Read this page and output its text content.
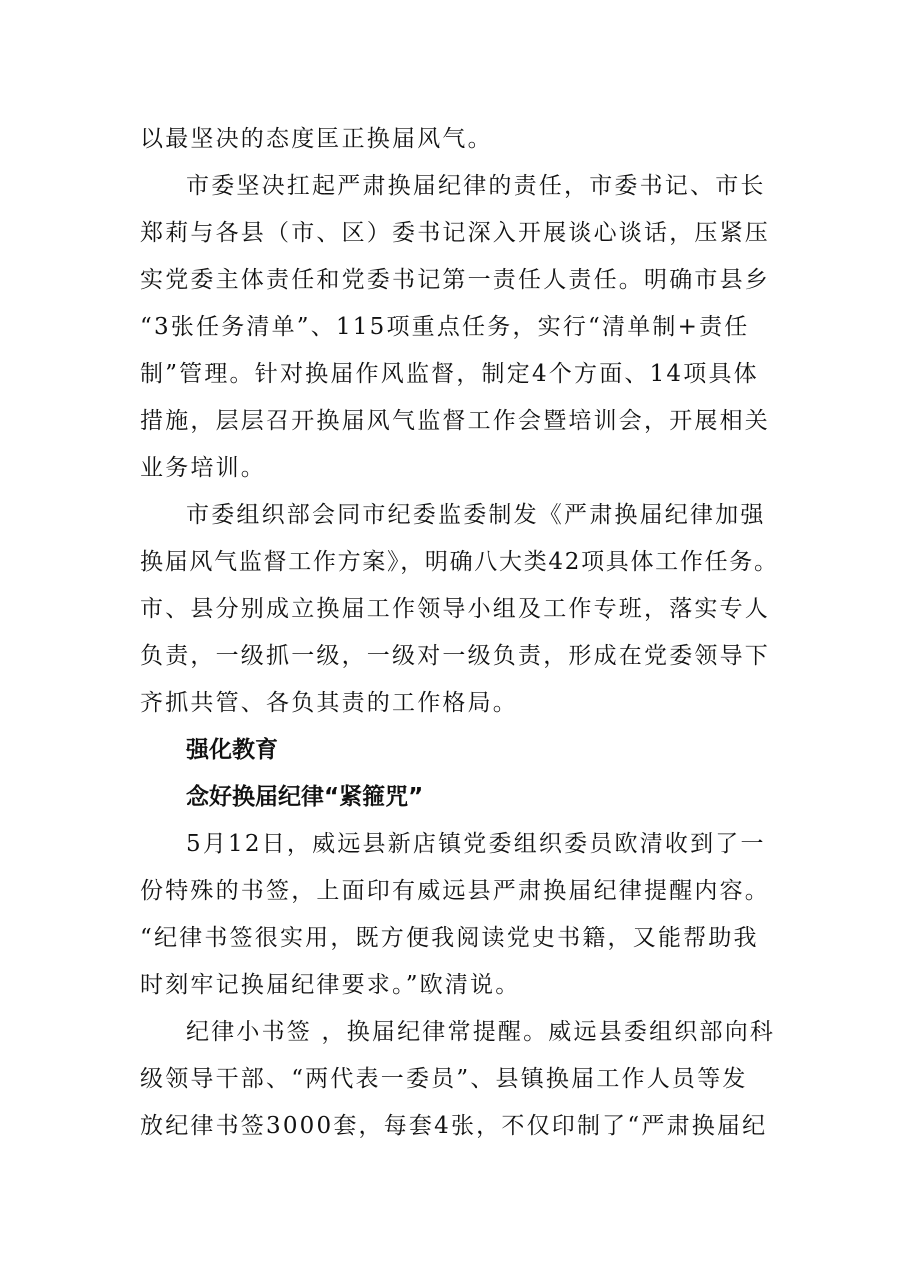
以最坚决的态度匡正换届风气。
市委坚决扛起严肃换届纪律的责任，市委书记、市长
郑莉与各县（市、区）委书记深入开展谈心谈话，压紧压
实党委主体责任和党委书记第一责任人责任。明确市县乡
“3张任务清单”、115项重点任务，实行“清单制+责任
制”管理。针对换届作风监督，制定4个方面、14项具体
措施，层层召开换届风气监督工作会暨培训会，开展相关
业务培训。
市委组织部会同市纪委监委制发《严肃换届纪律加强
换届风气监督工作方案》，明确八大类42项具体工作任务。
市、县分别成立换届工作领导小组及工作专班，落实专人
负责，一级抓一级，一级对一级负责，形成在党委领导下
齐抓共管、各负其责的工作格局。
强化教育
念好换届纪律“紧箍咒”
5月12日，威远县新店镇党委组织委员欧清收到了一
份特殊的书签，上面印有威远县严肃换届纪律提醒内容。
“纪律书签很实用，既方便我阅读党史书籍，又能帮助我
时刻牢记换届纪律要求。”欧清说。
纪律小书签 ，换届纪律常提醒。威远县委组织部向科
级领导干部、“两代表一委员”、县镇换届工作人员等发
放纪律书签3000套，每套4张，不仅印制了“严肃换届纪
